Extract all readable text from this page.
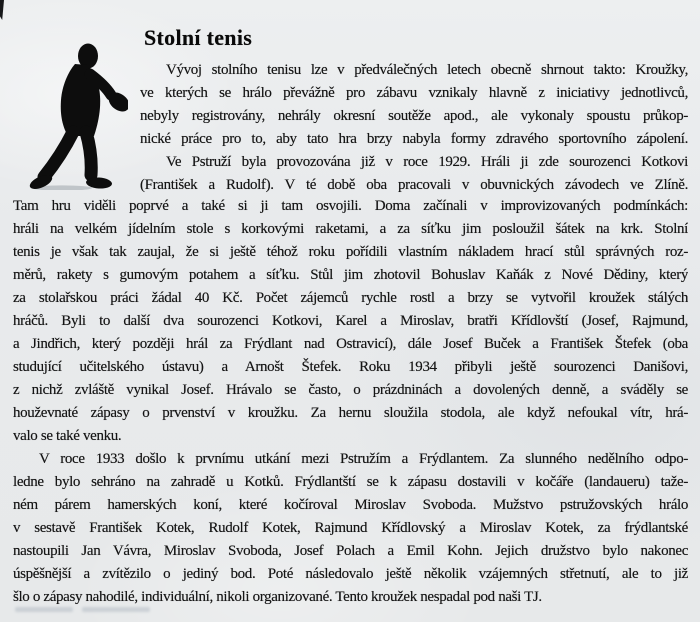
Stolní tenis
Vývoj stolního tenisu lze v předválečných letech obecně shrnout takto: Kroužky,
ve kterých se hrálo převážně pro zábavu vznikaly hlavně z iniciativy jednotlivců,
nebyly registrovány, nehrály okresní soutěže apod., ale vykonaly spoustu průkop-
nické práce pro to, aby tato hra brzy nabyla formy zdravého sportovního zápolení.
Ve Pstruží byla provozována již v roce 1929. Hráli ji zde sourozenci Kotkovi
(František a Rudolf). V té době oba pracovali v obuvnických závodech ve Zlíně.
Tam hru viděli poprvé a také si ji tam osvojili. Doma začínali v improvizovaných podmínkách:
hráli na velkém jídelním stole s korkovými raketami, a za síťku jim posloužil šátek na krk. Stolní
tenis je však tak zaujal, že si ještě téhož roku pořídili vlastním nákladem hrací stůl správných roz-
měrů, rakety s gumovým potahem a síťku. Stůl jim zhotovil Bohuslav Kaňák z Nové Dědiny, který
za stolařskou práci žádal 40 Kč. Počet zájemců rychle rostl a brzy se vytvořil kroužek stálých
hráčů. Byli to další dva sourozenci Kotkovi, Karel a Miroslav, bratři Křídlovští (Josef, Rajmund,
a Jindřich, který později hrál za Frýdlant nad Ostravicí), dále Josef Buček a František Štefek (oba
studující učitelského ústavu) a Arnošt Štefek. Roku 1934 přibyli ještě sourozenci Danišovi,
z nichž zvláště vynikal Josef. Hrávalo se často, o prázdninách a dovolených denně, a sváděly se
houževnaté zápasy o prvenství v kroužku. Za hernu sloužila stodola, ale když nefoukal vítr, hrá-
valo se také venku.
V roce 1933 došlo k prvnímu utkání mezi Pstružím a Frýdlantem. Za slunného nedělního odpo-
ledne bylo sehráno na zahradě u Kotků. Frýdlantští se k zápasu dostavili v kočáře (landaueru) taže-
ném párem hamerských koní, které kočíroval Miroslav Svoboda. Mužstvo pstružovských hrálo
v sestavě František Kotek, Rudolf Kotek, Rajmund Křídlovský a Miroslav Kotek, za frýdlantské
nastoupili Jan Vávra, Miroslav Svoboda, Josef Polach a Emil Kohn. Jejich družstvo bylo nakonec
úspěšnější a zvítězilo o jediný bod. Poté následovalo ještě několik vzájemných střetnutí, ale to již
šlo o zápasy nahodilé, individuální, nikoli organizované. Tento kroužek nespadal pod naši TJ.
